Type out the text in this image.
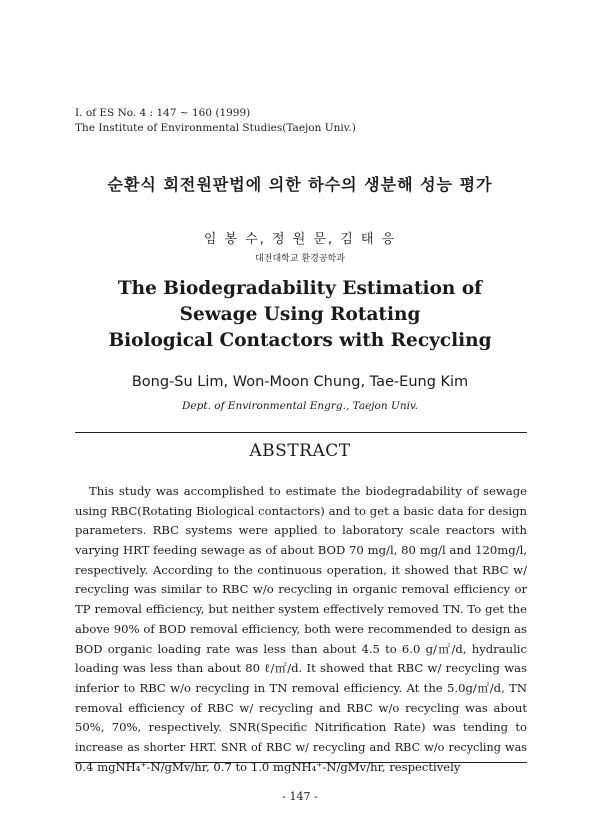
I. of ES No. 4 : 147 ~ 160 (1999)
The Institute of Environmental Studies(Taejon Univ.)
순환식 회전원판법에 의한 하수의 생분해 성능 평가
임 봉 수, 정 원 문, 김 태 응
대전대학교 환경공학과
The Biodegradability Estimation of
Sewage Using Rotating
Biological Contactors with Recycling
Bong-Su Lim, Won-Moon Chung, Tae-Eung Kim
Dept. of Environmental Engrg., Taejon Univ.
ABSTRACT
This study was accomplished to estimate the biodegradability of sewage
using RBC(Rotating Biological contactors) and to get a basic data for design
parameters. RBC systems were applied to laboratory scale reactors with
varying HRT feeding sewage as of about BOD 70 mg/l, 80 mg/l and 120mg/l,
respectively. According to the continuous operation, it showed that RBC w/
recycling was similar to RBC w/o recycling in organic removal efficiency or
TP removal efficiency, but neither system effectively removed TN. To get the
above 90% of BOD removal efficiency, both were recommended to design as
BOD organic loading rate was less than about 4.5 to 6.0 g/㎡/d, hydraulic
loading was less than about 80 ℓ/㎡/d. It showed that RBC w/ recycling was
inferior to RBC w/o recycling in TN removal efficiency. At the 5.0g/㎡/d, TN
removal efficiency of RBC w/ recycling and RBC w/o recycling was about
50%, 70%, respectively. SNR(Specific Nitrification Rate) was tending to
increase as shorter HRT. SNR of RBC w/ recycling and RBC w/o recycling was
0.4 mgNH₄⁺-N/gMv/hr, 0.7 to 1.0 mgNH₄⁺-N/gMv/hr, respectively
- 147 -
